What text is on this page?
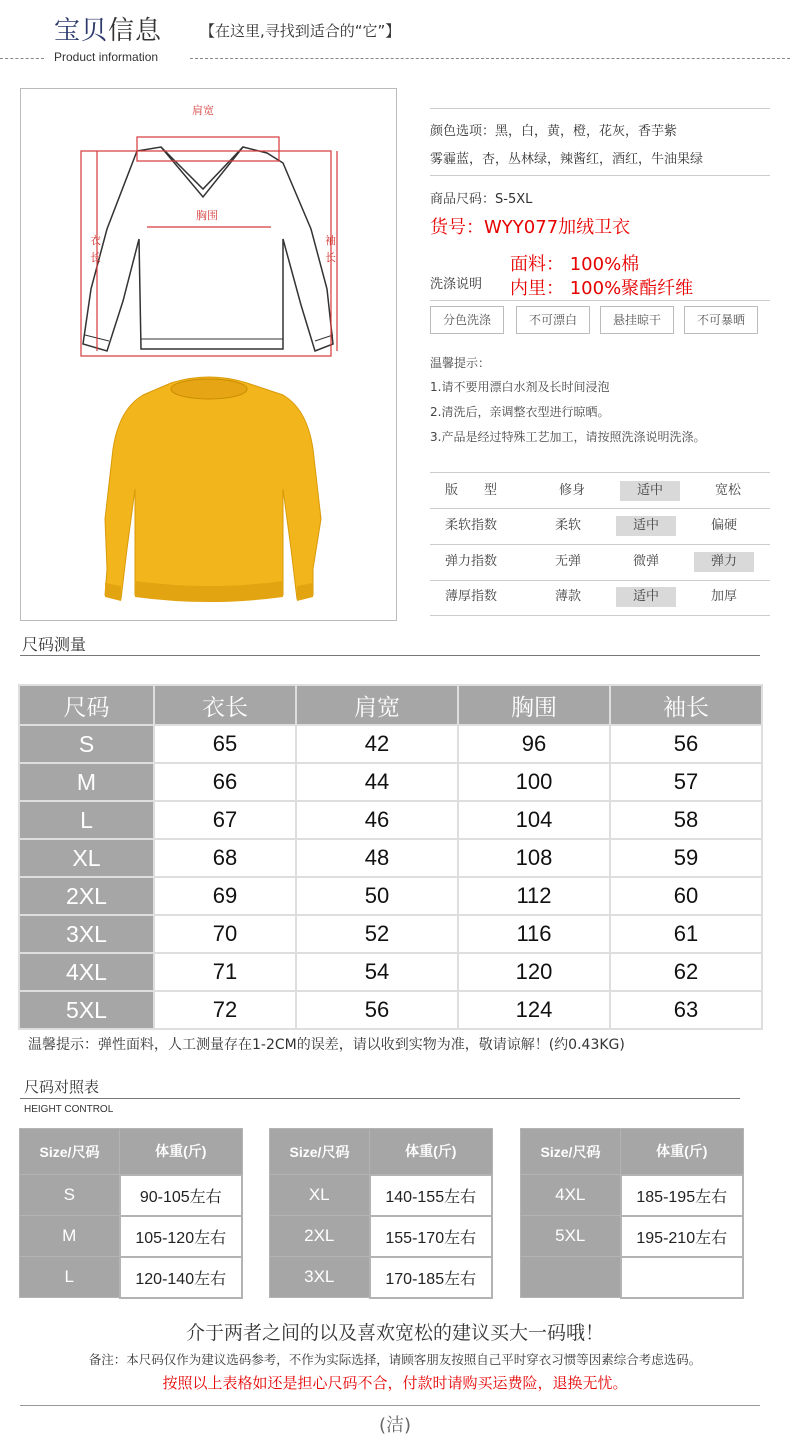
宝贝信息	【在这里,寻找到适合的“它”】
Product information
肩宽
胸围
衣
长
袖
长
颜色选项：黑，白，黄，橙，花灰，香芋紫
雾霾蓝，杏，丛林绿，辣酱红，酒红，牛油果绿
商品尺码：S-5XL
货号：WYY077加绒卫衣
洗涤说明
面料： 100%棉
内里： 100%聚酯纤维
分色洗涤	不可漂白	悬挂晾干	不可暴晒
温馨提示：
1.请不要用漂白水剂及长时间浸泡
2.清洗后，亲调整衣型进行晾晒。
3.产品是经过特殊工艺加工，请按照洗涤说明洗涤。
版　　型	修身	适中	宽松
柔软指数	柔软	适中	偏硬
弹力指数	无弹	微弹	弹力
薄厚指数	薄款	适中	加厚
尺码测量
尺码	衣长	肩宽	胸围	袖长
S	65	42	96	56
M	66	44	100	57
L	67	46	104	58
XL	68	48	108	59
2XL	69	50	112	60
3XL	70	52	116	61
4XL	71	54	120	62
5XL	72	56	124	63
温馨提示：弹性面料，人工测量存在1-2CM的误差，请以收到实物为准，敬请谅解！(约0.43KG)
尺码对照表
HEIGHT CONTROL
Size/尺码	体重(斤)
S	90-105左右
M	105-120左右
L	120-140左右
Size/尺码	体重(斤)
XL	140-155左右
2XL	155-170左右
3XL	170-185左右
Size/尺码	体重(斤)
4XL	185-195左右
5XL	195-210左右

介于两者之间的以及喜欢宽松的建议买大一码哦！
备注：本尺码仅作为建议选码参考，不作为实际选择，请顾客朋友按照自己平时穿衣习惯等因素综合考虑选码。
按照以上表格如还是担心尺码不合，付款时请购买运费险，退换无忧。
(洁)
